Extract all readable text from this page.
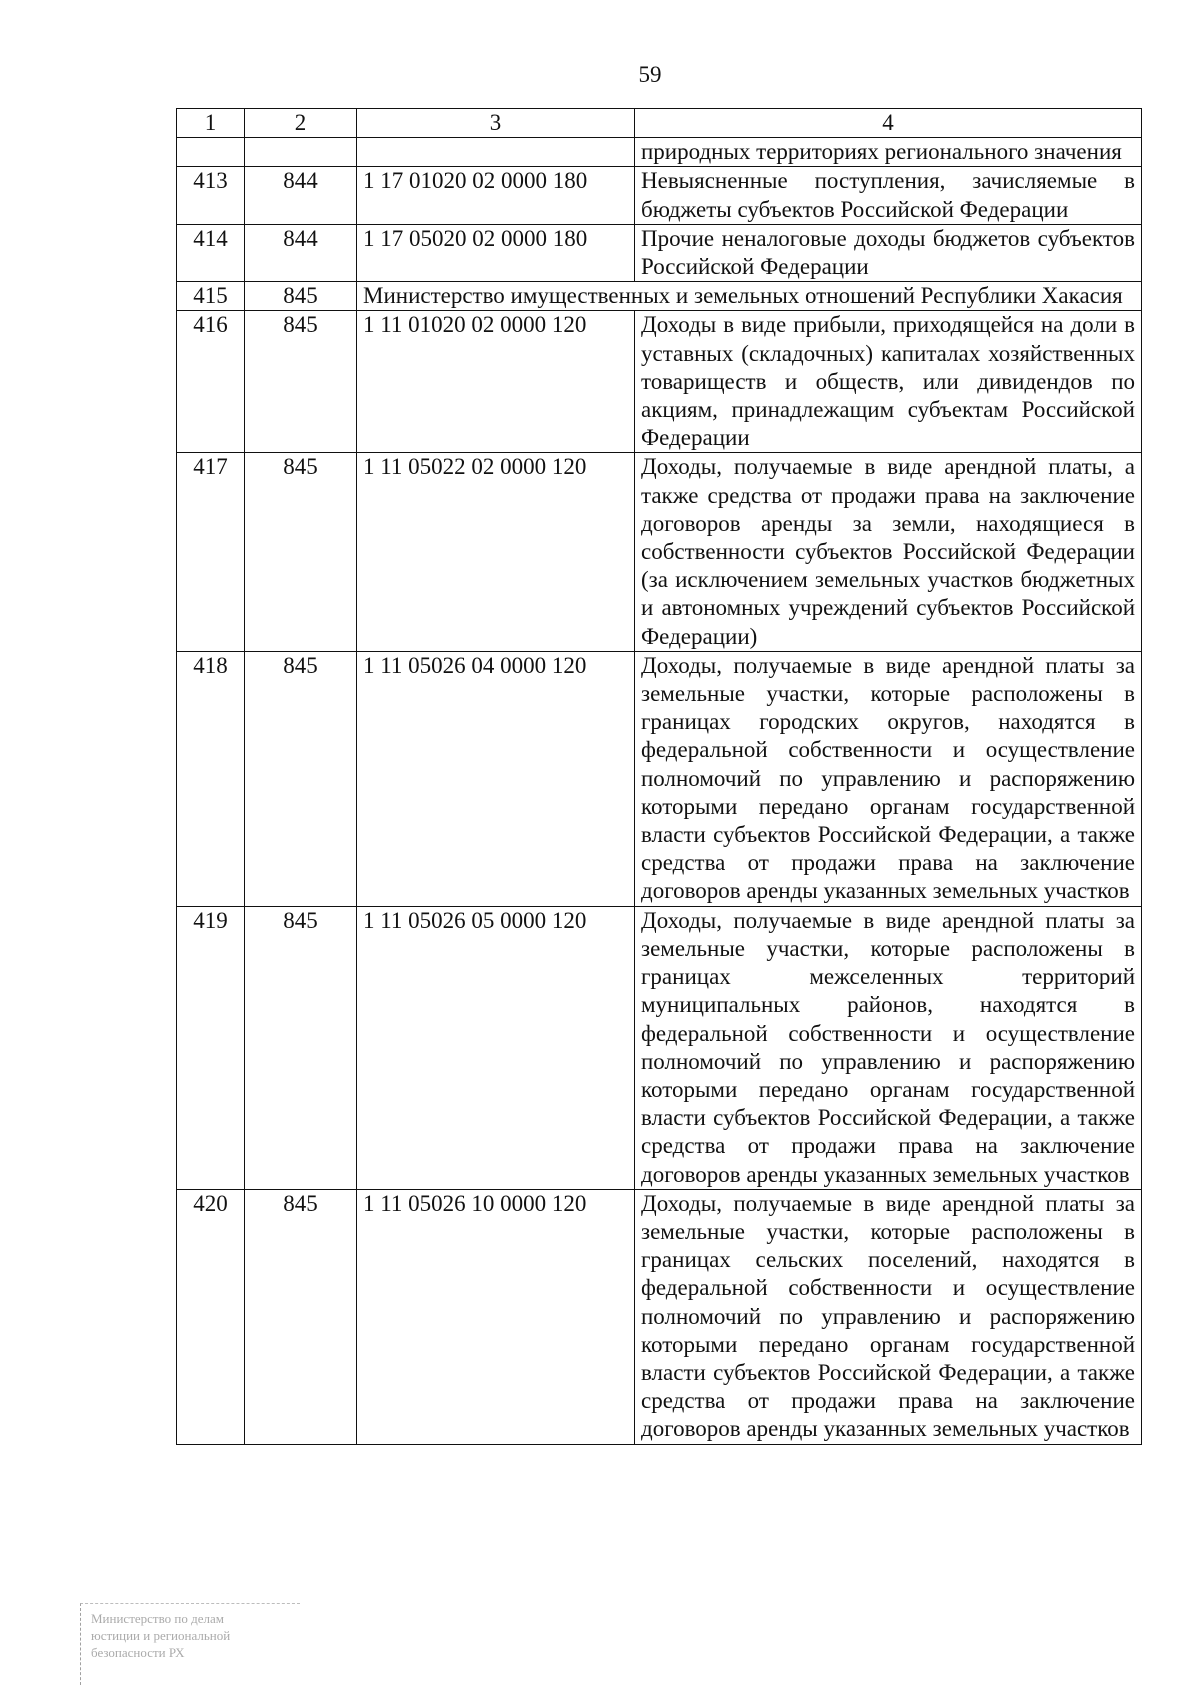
59
1	2	3	4
			природных территориях регионального значения
413	844	1 17 01020 02 0000 180	Невыясненные поступления, зачисляемые в бюджеты субъектов Российской Федерации
414	844	1 17 05020 02 0000 180	Прочие неналоговые доходы бюджетов субъектов Российской Федерации
415	845	Министерство имущественных и земельных отношений Республики Хакасия	
416	845	1 11 01020 02 0000 120	Доходы в виде прибыли, приходящейся на доли в уставных (складочных) капиталах хозяйственных товариществ и обществ, или дивидендов по акциям, принадлежащим субъектам Российской Федерации
417	845	1 11 05022 02 0000 120	Доходы, получаемые в виде арендной платы, а также средства от продажи права на заключение договоров аренды за земли, находящиеся в собственности субъектов Российской Федерации (за исключением земельных участков бюджетных и автономных учреждений субъектов Российской Федерации)
418	845	1 11 05026 04 0000 120	Доходы, получаемые в виде арендной платы за земельные участки, которые расположены в границах городских округов, находятся в федеральной собственности и осуществление полномочий по управлению и распоряжению которыми передано органам государственной власти субъектов Российской Федерации, а также средства от продажи права на заключение договоров аренды указанных земельных участков
419	845	1 11 05026 05 0000 120	Доходы, получаемые в виде арендной платы за земельные участки, которые расположены в границах межселенных территорий муниципальных районов, находятся в федеральной собственности и осуществление полномочий по управлению и распоряжению которыми передано органам государственной власти субъектов Российской Федерации, а также средства от продажи права на заключение договоров аренды указанных земельных участков
420	845	1 11 05026 10 0000 120	Доходы, получаемые в виде арендной платы за земельные участки, которые расположены в границах сельских поселений, находятся в федеральной собственности и осуществление полномочий по управлению и распоряжению которыми передано органам государственной власти субъектов Российской Федерации, а также средства от продажи права на заключение договоров аренды указанных земельных участков
Министерство по делам
юстиции и региональной
безопасности РХ
